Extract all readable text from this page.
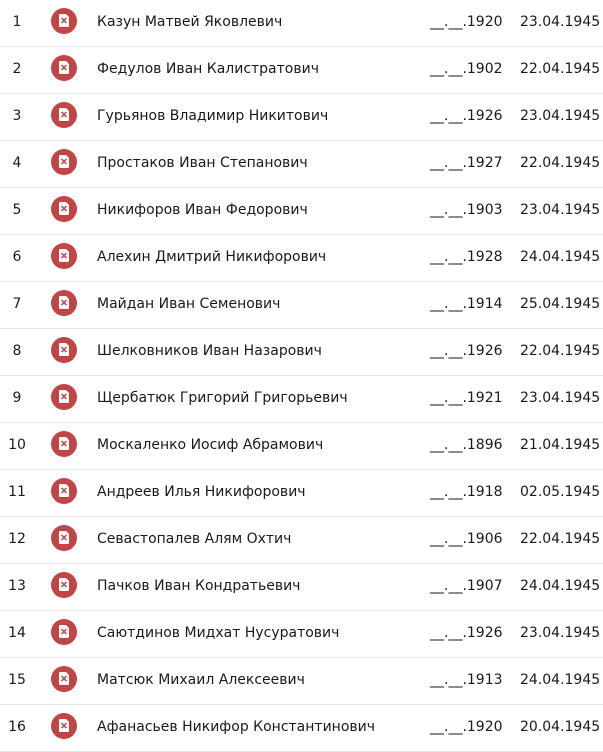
1	Казун Матвей Яковлевич	__.__.1920 23.04.1945
2	Федулов Иван Калистратович	__.__.1902 22.04.1945
3	Гурьянов Владимир Никитович	__.__.1926 23.04.1945
4	Простаков Иван Степанович	__.__.1927 22.04.1945
5	Никифоров Иван Федорович	__.__.1903 23.04.1945
6	Алехин Дмитрий Никифорович	__.__.1928 24.04.1945
7	Майдан Иван Семенович	__.__.1914 25.04.1945
8	Шелковников Иван Назарович	__.__.1926 22.04.1945
9	Щербатюк Григорий Григорьевич	__.__.1921 23.04.1945
10	Москаленко Иосиф Абрамович	__.__.1896 21.04.1945
11	Андреев Илья Никифорович	__.__.1918 02.05.1945
12	Севастопалев Алям Охтич	__.__.1906 22.04.1945
13	Пачков Иван Кондратьевич	__.__.1907 24.04.1945
14	Саютдинов Мидхат Нусуратович	__.__.1926 23.04.1945
15	Матсюк Михаил Алексеевич	__.__.1913 24.04.1945
16	Афанасьев Никифор Константинович	__.__.1920 20.04.1945
